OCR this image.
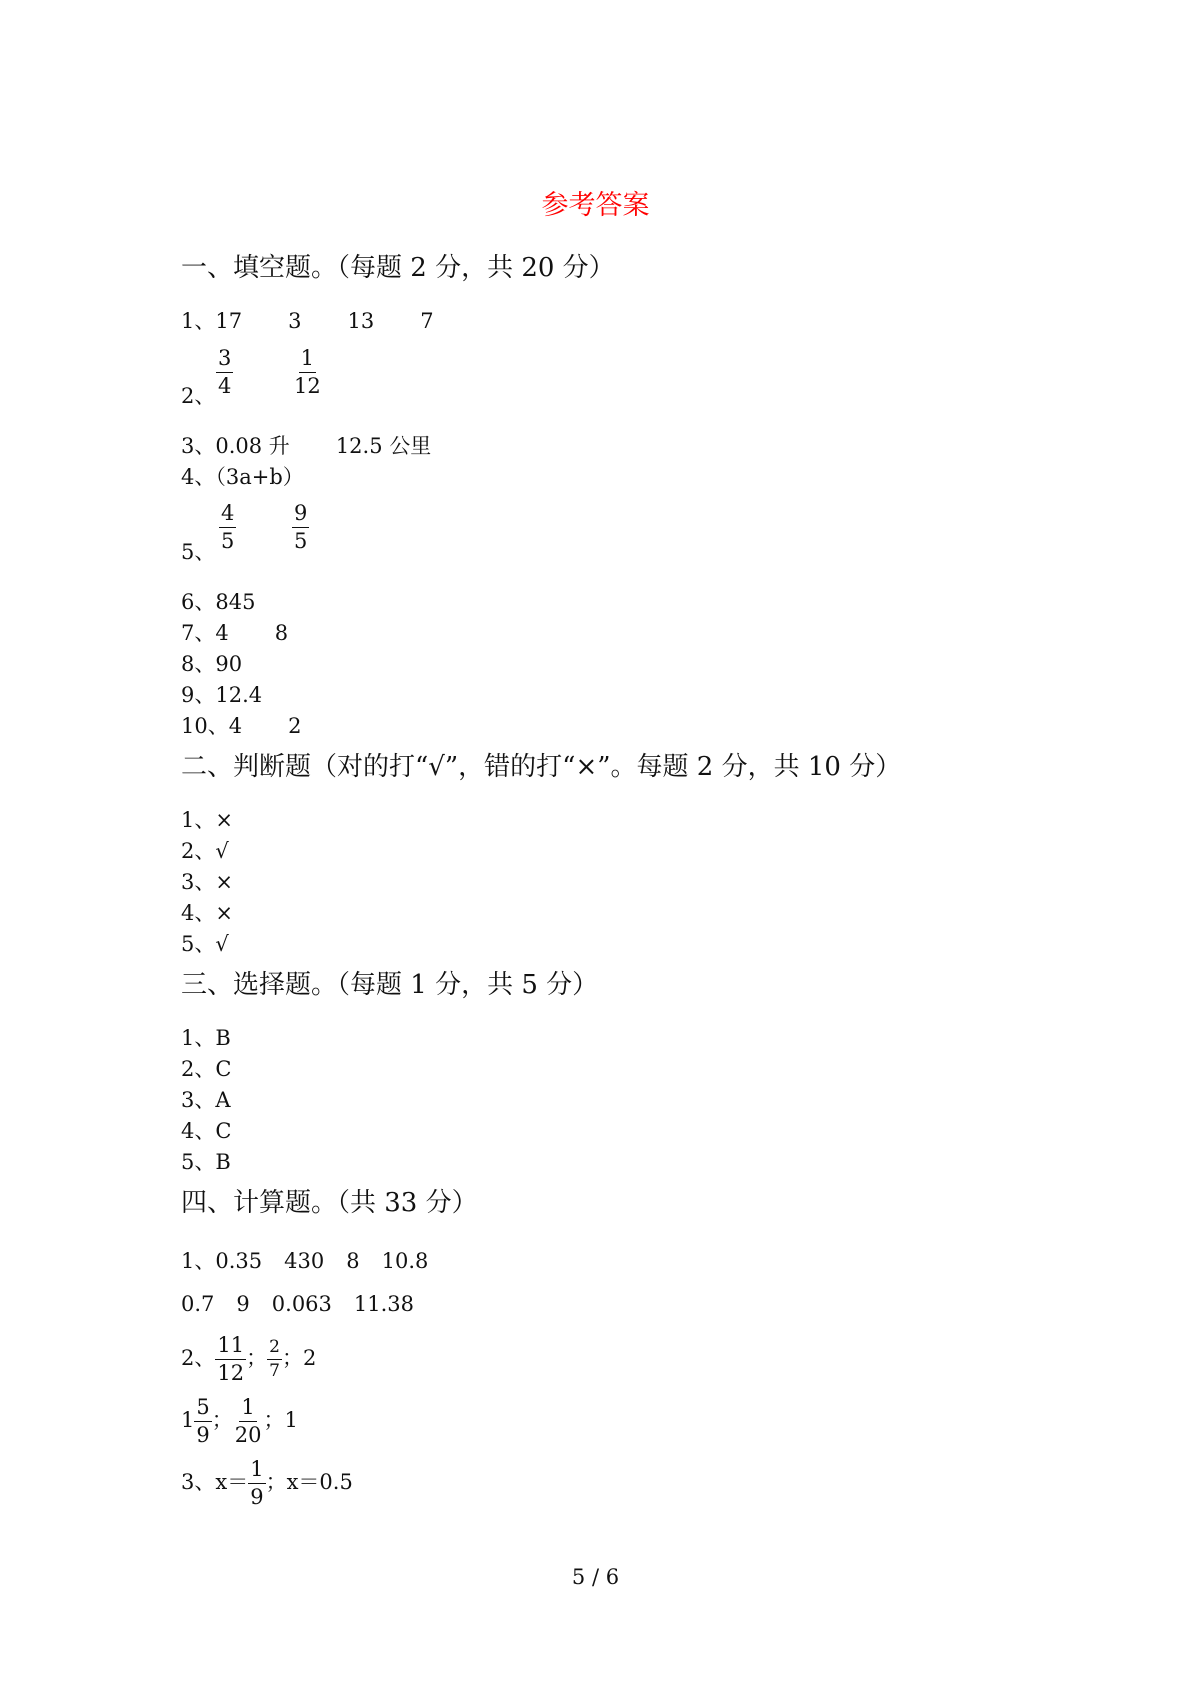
参考答案
一、填空题。（每题 2 分，共 20 分）
1、17 3 13 7
2、 $\frac{3}{4}$	$\frac{1}{12}$
3、0.08 升 12.5 公里
4、（3a+b）
5、 $\frac{4}{5}$	$\frac{9}{5}$
6、845
7、4 8
8、90
9、12.4
10、4 2
二、判断题（对的打“√”，错的打“×”。每题 2 分，共 10 分）
1、×
2、√
3、×
4、×
5、√
三、选择题。（每题 1 分，共 5 分）
1、B
2、C
3、A
4、C
5、B
四、计算题。（共 33 分）
1、0.35 430 8 10.8
0.7 9 0.063 11.38
2、 $\frac{11}{12}$ ； $\frac{2}{7}$ ；2
$1 \frac{5}{9}$ ； $\frac{1}{20}$ ；1
3、$x= \frac{1}{9}$ ；x＝0.5
5 / 6
